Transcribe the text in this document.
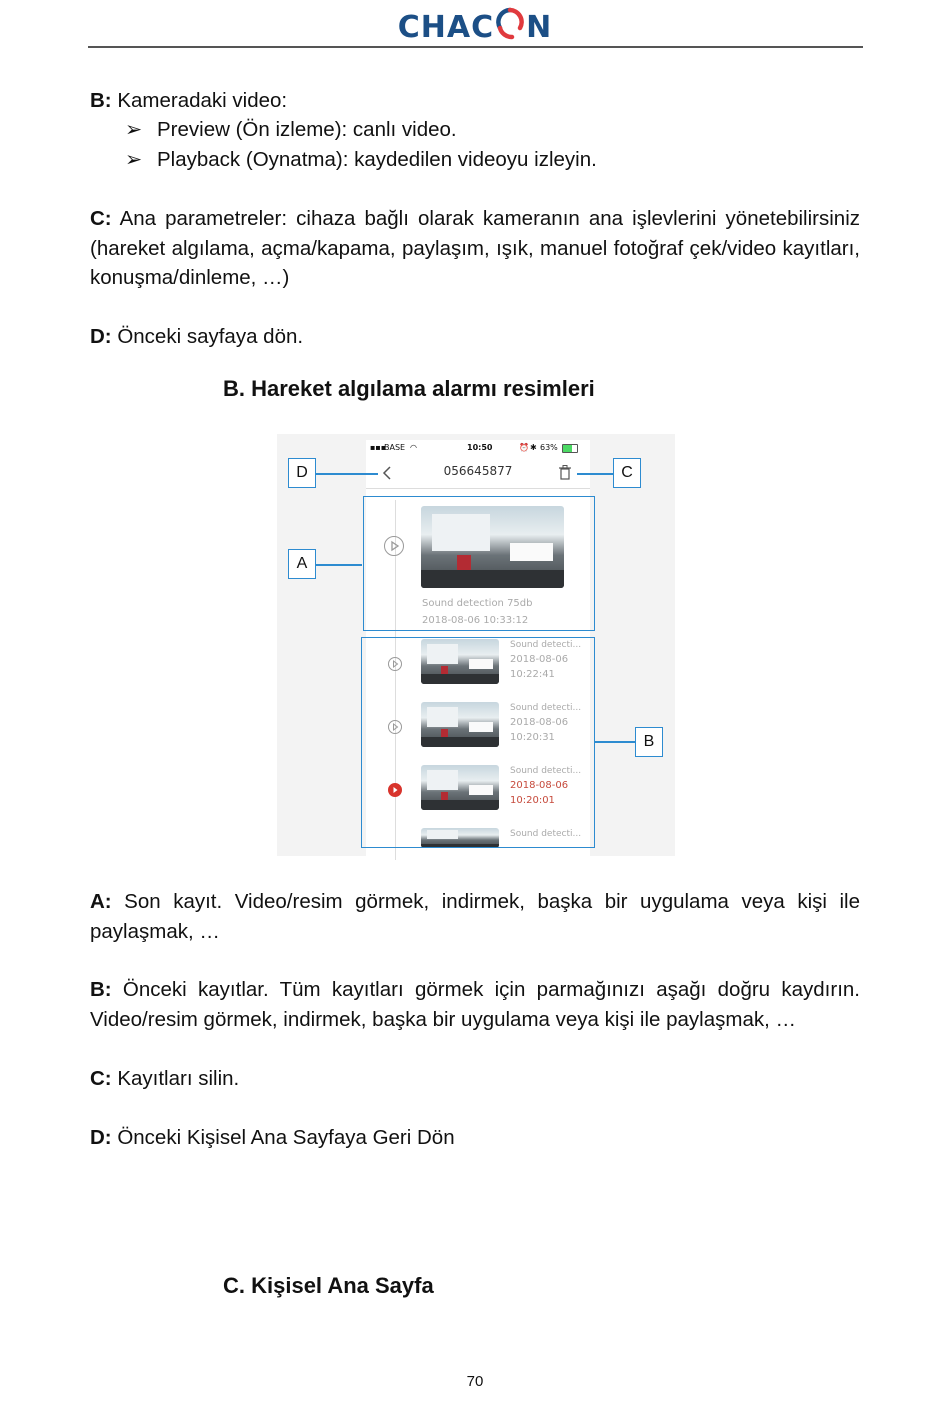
CHAC N
B: Kameradaki video:
➢ Preview (Ön izleme): canlı video.
➢ Playback (Oynatma): kaydedilen videoyu izleyin.
C: Ana parametreler: cihaza bağlı olarak kameranın ana işlevlerini yönetebilirsiniz (hareket algılama, açma/kapama, paylaşım, ışık, manuel fotoğraf çek/video kayıtları, konuşma/dinleme, …)
D: Önceki sayfaya dön.
B. Hareket algılama alarmı resimleri
▪▪▪
BASE ◠	10:50	⏰ ✱ 63%
056645877
Sound detection 75db
2018-08-06 10:33:12
Sound detecti...
2018-08-06
10:22:41
Sound detecti...
2018-08-06
10:20:31
Sound detecti...
2018-08-06
10:20:01
Sound detecti...
D	C
A
B
A: Son kayıt. Video/resim görmek, indirmek, başka bir uygulama veya kişi ile paylaşmak, …
B: Önceki kayıtlar. Tüm kayıtları görmek için parmağınızı aşağı doğru kaydırın. Video/resim görmek, indirmek, başka bir uygulama veya kişi ile paylaşmak, …
C: Kayıtları silin.
D: Önceki Kişisel Ana Sayfaya Geri Dön
C. Kişisel Ana Sayfa
70
